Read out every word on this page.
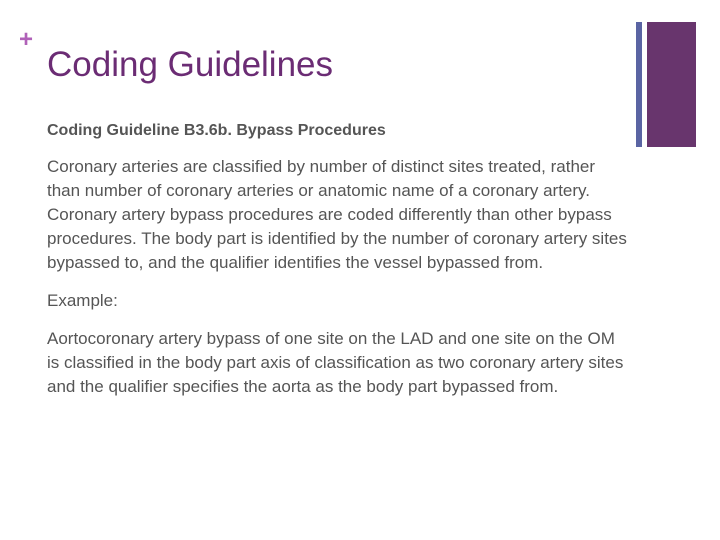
+
Coding Guidelines

Coding Guideline B3.6b. Bypass Procedures

Coronary arteries are classified by number of distinct sites treated, rather than number of coronary arteries or anatomic name of a coronary artery. Coronary artery bypass procedures are coded differently than other bypass procedures. The body part is identified by the number of coronary artery sites bypassed to, and the qualifier identifies the vessel bypassed from.

Example:

Aortocoronary artery bypass of one site on the LAD and one site on the OM is classified in the body part axis of classification as two coronary artery sites and the qualifier specifies the aorta as the body part bypassed from.
